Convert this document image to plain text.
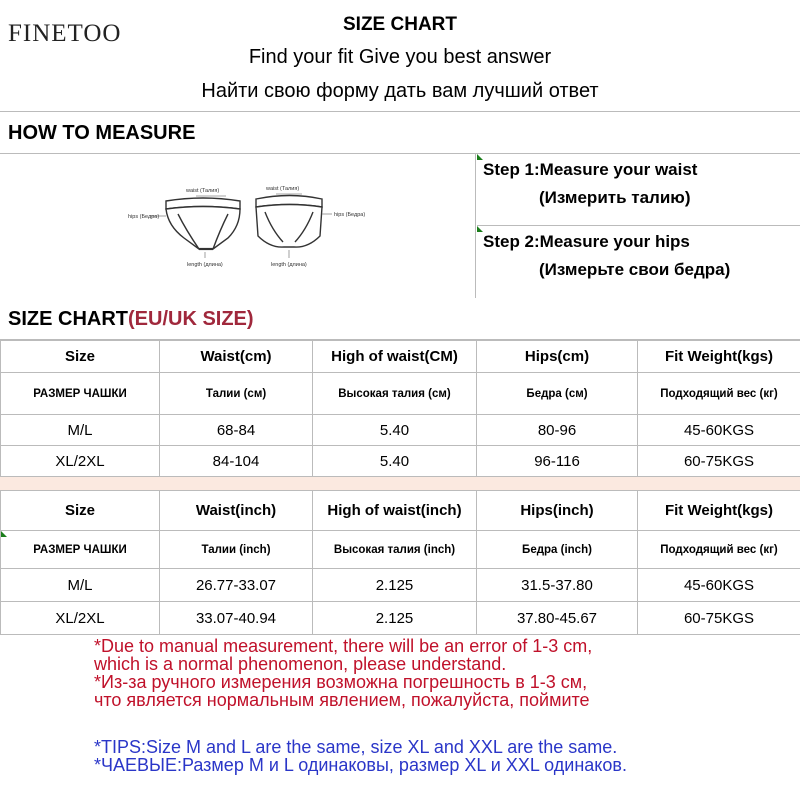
FINETOO	SIZE CHART
Find your fit Give you best answer
Найти свою форму дать вам лучший ответ
HOW TO MEASURE
waist (Талия)
hips (Бедра)
length (длина)
waist (Талия)
hips (Бедра)
length (длина)
Step 1:Measure your waist
(Измерить талию)
Step 2:Measure your hips
(Измерьте свои бедра)
SIZE CHART(EU/UK SIZE)
Size	Waist(cm)	High of waist(CM)	Hips(cm)	Fit Weight(kgs)
РАЗМЕР ЧАШКИ	Талии (см)	Высокая талия (см)	Бедра (см)	Подходящий вес (кг)
M/L	68-84	5.40	80-96	45-60KGS
XL/2XL	84-104	5.40	96-116	60-75KGS
Size	Waist(inch)	High of waist(inch)	Hips(inch)	Fit Weight(kgs)

РАЗМЕР ЧАШКИ	Талии (inch)	Высокая талия (inch)	Бедра (inch)	Подходящий вес (кг)
M/L	26.77-33.07	2.125	31.5-37.80	45-60KGS
XL/2XL	33.07-40.94	2.125	37.80-45.67	60-75KGS
*Due to manual measurement, there will be an error of 1-3 cm,
which is a normal phenomenon, please understand.
*Из-за ручного измерения возможна погрешность в 1-3 см,
что является нормальным явлением, пожалуйста, поймите
*TIPS:Size M and L are the same, size XL and XXL are the same.
*ЧАЕВЫЕ:Размер M и L одинаковы, размер XL и XXL одинаков.
